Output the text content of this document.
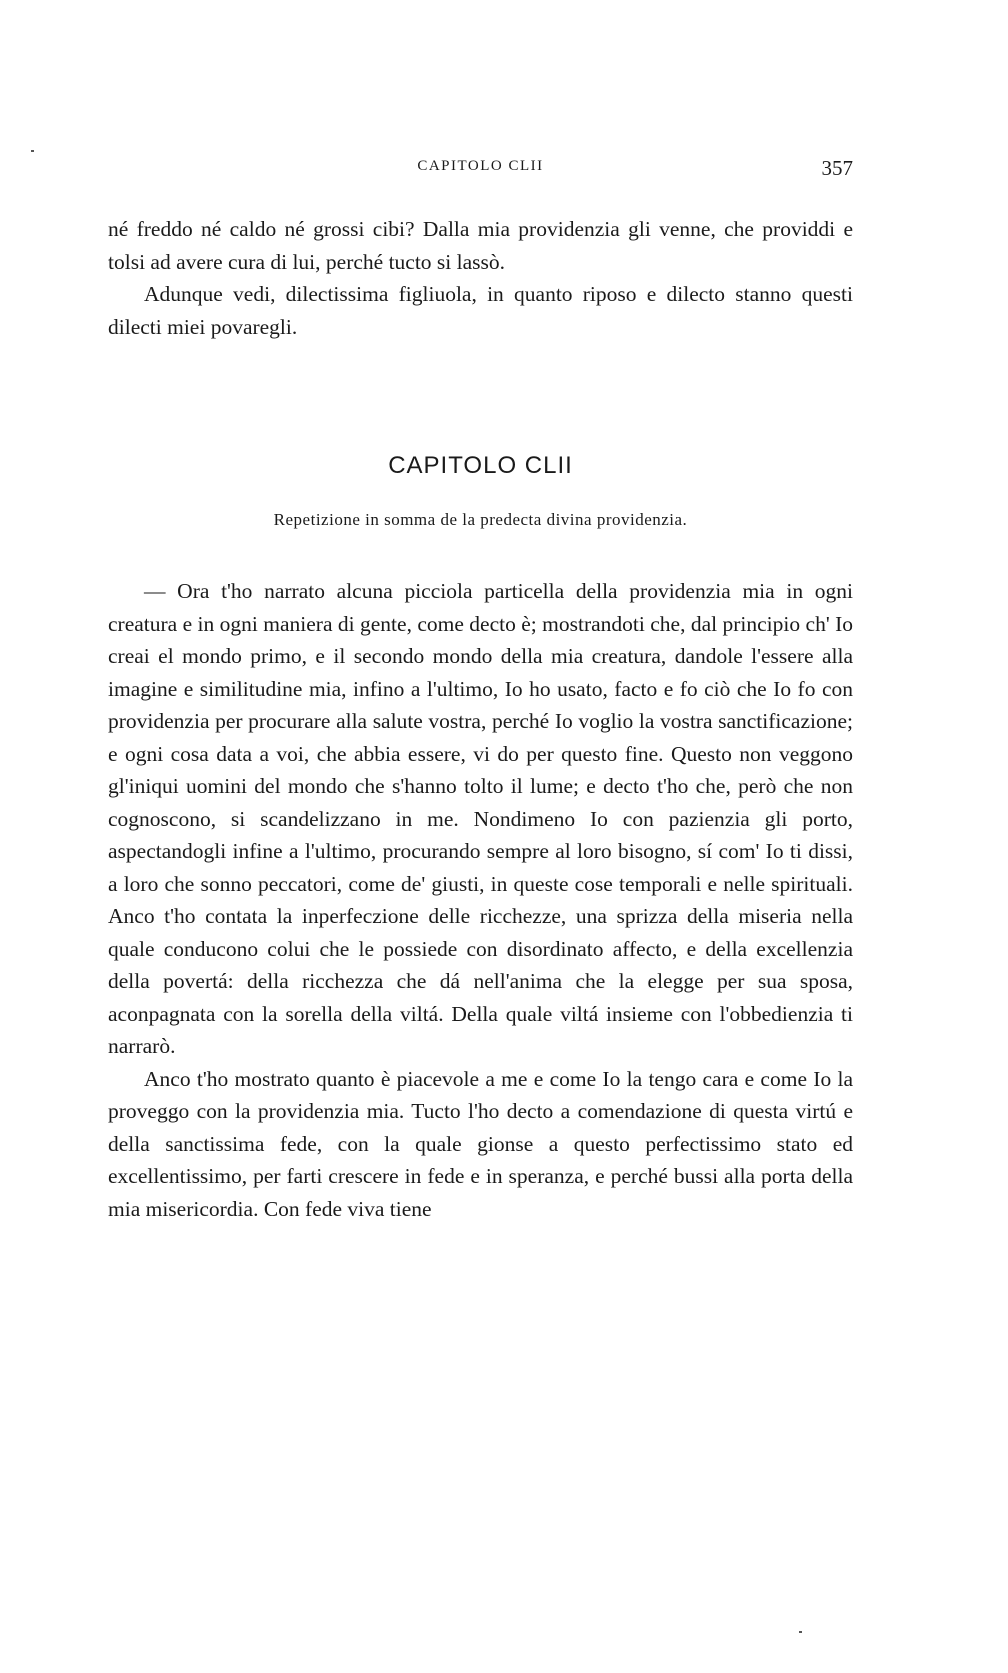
CAPITOLO CLII	357

né freddo né caldo né grossi cibi? Dalla mia providenzia gli venne, che providdi e tolsi ad avere cura di lui, perché tucto si lassò.

Adunque vedi, dilectissima figliuola, in quanto riposo e dilecto stanno questi dilecti miei povaregli.

CAPITOLO CLII
Repetizione in somma de la predecta divina providenzia.

— Ora t'ho narrato alcuna picciola particella della providenzia mia in ogni creatura e in ogni maniera di gente, come decto è; mostrandoti che, dal principio ch' Io creai el mondo primo, e il secondo mondo della mia creatura, dandole l'essere alla imagine e similitudine mia, infino a l'ultimo, Io ho usato, facto e fo ciò che Io fo con providenzia per procurare alla salute vostra, perché Io voglio la vostra sanctificazione; e ogni cosa data a voi, che abbia essere, vi do per questo fine. Questo non veggono gl'iniqui uomini del mondo che s'hanno tolto il lume; e decto t'ho che, però che non cognoscono, si scandelizzano in me. Nondimeno Io con pazienzia gli porto, aspectandogli infine a l'ultimo, procurando sempre al loro bisogno, sí com' Io ti dissi, a loro che sonno peccatori, come de' giusti, in queste cose temporali e nelle spirituali. Anco t'ho contata la inperfeczione delle ricchezze, una sprizza della miseria nella quale conducono colui che le possiede con disordinato affecto, e della excellenzia della povertá: della ricchezza che dá nell'anima che la elegge per sua sposa, aconpagnata con la sorella della viltá. Della quale viltá insieme con l'obbedienzia ti narrarò.

Anco t'ho mostrato quanto è piacevole a me e come Io la tengo cara e come Io la proveggo con la providenzia mia. Tucto l'ho decto a comendazione di questa virtú e della sanctissima fede, con la quale gionse a questo perfectissimo stato ed excellentissimo, per farti crescere in fede e in speranza, e perché bussi alla porta della mia misericordia. Con fede viva tiene
